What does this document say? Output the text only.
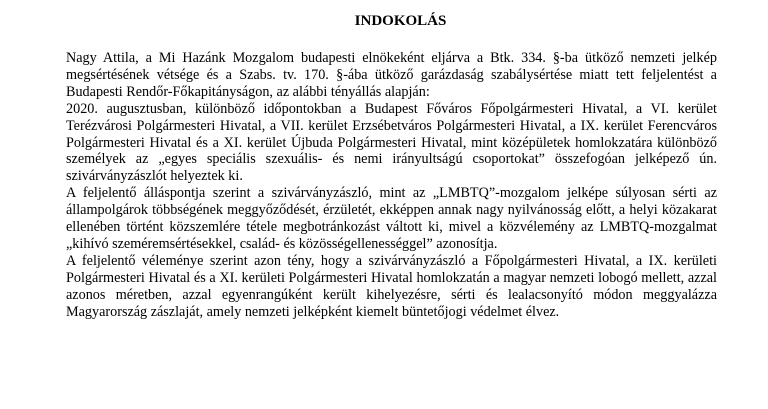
INDOKOLÁS

Nagy Attila, a Mi Hazánk Mozgalom budapesti elnökeként eljárva a Btk. 334. §-ba ütköző nemzeti jelkép megsértésének vétsége és a Szabs. tv. 170. §-ába ütköző garázdaság szabálysértése miatt tett feljelentést a Budapesti Rendőr-Főkapitányságon, az alábbi tényállás alapján:

2020. augusztusban, különböző időpontokban a Budapest Főváros Főpolgármesteri Hivatal, a VI. kerület Terézvárosi Polgármesteri Hivatal, a VII. kerület Erzsébetváros Polgármesteri Hivatal, a IX. kerület Ferencváros Polgármesteri Hivatal és a XI. kerület Újbuda Polgármesteri Hivatal, mint középületek homlokzatára különböző személyek az „egyes speciális szexuális- és nemi irányultságú csoportokat” összefogóan jelképező ún. szivárványzászlót helyeztek ki.

A feljelentő álláspontja szerint a szivárványzászló, mint az „LMBTQ”-mozgalom jelképe súlyosan sérti az állampolgárok többségének meggyőződését, érzületét, ekképpen annak nagy nyilvánosság előtt, a helyi közakarat ellenében történt közszemlére tétele megbotránkozást váltott ki, mivel a közvélemény az LMBTQ-mozgalmat „kihívó szeméremsértésekkel, család- és közösségellenességgel” azonosítja.

A feljelentő véleménye szerint azon tény, hogy a szivárványzászló a Főpolgármesteri Hivatal, a IX. kerületi Polgármesteri Hivatal és a XI. kerületi Polgármesteri Hivatal homlokzatán a magyar nemzeti lobogó mellett, azzal azonos méretben, azzal egyenrangúként került kihelyezésre, sérti és lealacsonyító módon meggyalázza Magyarország zászlaját, amely nemzeti jelképként kiemelt büntetőjogi védelmet élvez.
